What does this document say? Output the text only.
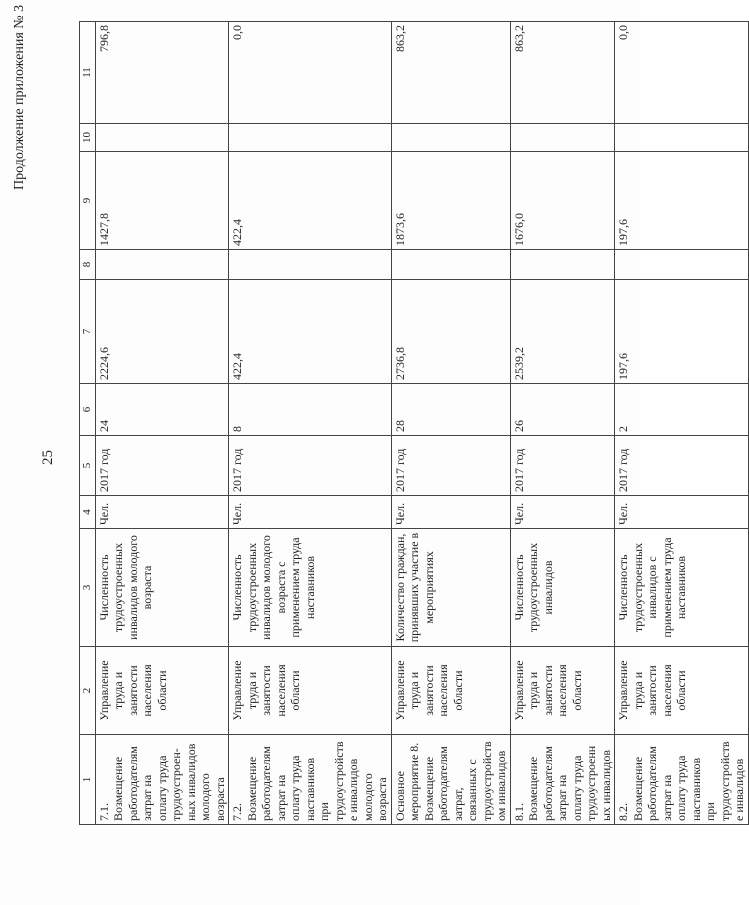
25
Продолжение приложения № 3
1	2	3	4	5	6	7	8	9	10	11
7.1. Возмещение работодателям затрат на оплату труда трудоустроен-ных инвалидов молодого возраста	Управление труда и занятости населения области	Численность трудоустроенных инвалидов молодого возраста	Чел.	2017 год	24	2224,6		1427,8		796,8
7.2. Возмещение работодателям затрат на оплату труда наставников при трудоустройстве инвалидов молодого возраста	Управление труда и занятости населения области	Численность трудоустроенных инвалидов молодого возраста с применением труда наставников	Чел.	2017 год	8	422,4		422,4		0,0
Основное мероприятие 8. Возмещение работодателям затрат, связанных с трудоустройством инвалидов	Управление труда и занятости населения области	Количество граждан, принявших участие в мероприятиях	Чел.	2017 год	28	2736,8		1873,6		863,2
8.1. Возмещение работодателям затрат на оплату труда трудоустроенных инвалидов	Управление труда и занятости населения области	Численность трудоустроенных инвалидов	Чел.	2017 год	26	2539,2		1676,0		863,2
8.2. Возмещение работодателям затрат на оплату труда наставников при трудоустройстве инвалидов	Управление труда и занятости населения области	Численность трудоустроенных инвалидов с применением труда наставников	Чел.	2017 год	2	197,6		197,6		0,0
